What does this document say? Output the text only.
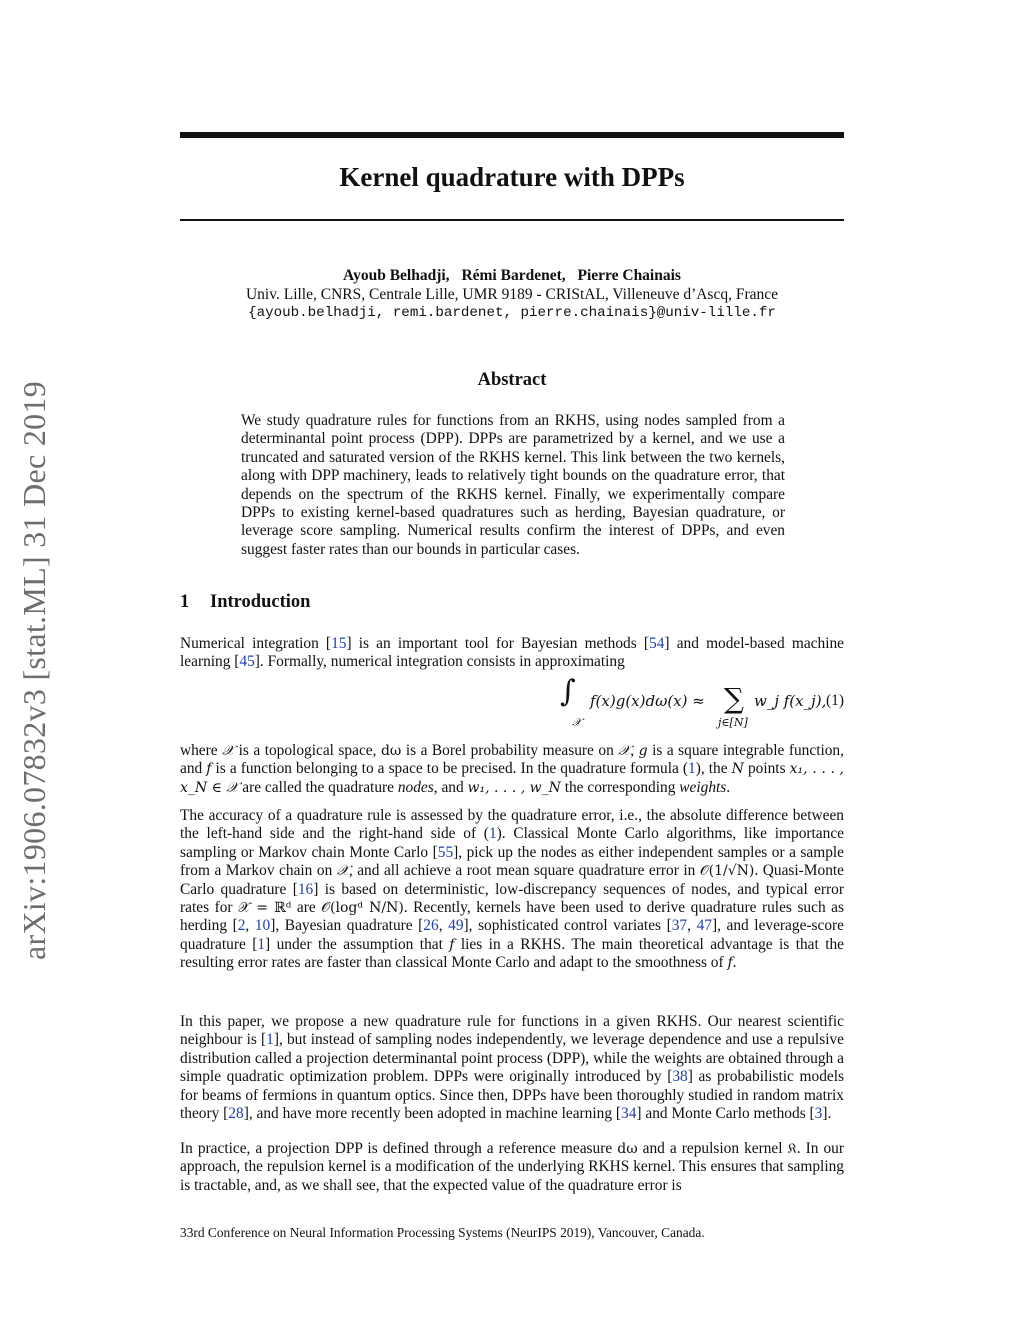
arXiv:1906.07832v3 [stat.ML] 31 Dec 2019
Kernel quadrature with DPPs
Ayoub Belhadji, Rémi Bardenet, Pierre Chainais
Univ. Lille, CNRS, Centrale Lille, UMR 9189 - CRIStAL, Villeneuve d’Ascq, France
{ayoub.belhadji, remi.bardenet, pierre.chainais}@univ-lille.fr
Abstract

We study quadrature rules for functions from an RKHS, using nodes sampled from a determinantal point process (DPP). DPPs are parametrized by a kernel, and we use a truncated and saturated version of the RKHS kernel. This link between the two kernels, along with DPP machinery, leads to relatively tight bounds on the quadrature error, that depends on the spectrum of the RKHS kernel. Finally, we experimentally compare DPPs to existing kernel-based quadratures such as herding, Bayesian quadrature, or leverage score sampling. Numerical results confirm the interest of DPPs, and even suggest faster rates than our bounds in particular cases.

1 Introduction

Numerical integration [15] is an important tool for Bayesian methods [54] and model-based machine learning [45]. Formally, numerical integration consists in approximating

∫
𝒳
f(x)g(x)dω(x) ≈ ∑
j∈[N]
w_j f(x_j), (1)

where 𝒳 is a topological space, dω is a Borel probability measure on 𝒳, g is a square integrable function, and f is a function belonging to a space to be precised. In the quadrature formula (1), the N points x₁, . . . , x_N ∈ 𝒳 are called the quadrature nodes, and w₁, . . . , w_N the corresponding weights.

The accuracy of a quadrature rule is assessed by the quadrature error, i.e., the absolute difference between the left-hand side and the right-hand side of (1). Classical Monte Carlo algorithms, like importance sampling or Markov chain Monte Carlo [55], pick up the nodes as either independent samples or a sample from a Markov chain on 𝒳, and all achieve a root mean square quadrature error in 𝒪(1/√N). Quasi-Monte Carlo quadrature [16] is based on deterministic, low-discrepancy sequences of nodes, and typical error rates for 𝒳 = ℝᵈ are 𝒪(logᵈ N/N). Recently, kernels have been used to derive quadrature rules such as herding [2, 10], Bayesian quadrature [26, 49], sophisticated control variates [37, 47], and leverage-score quadrature [1] under the assumption that f lies in a RKHS. The main theoretical advantage is that the resulting error rates are faster than classical Monte Carlo and adapt to the smoothness of f.

In this paper, we propose a new quadrature rule for functions in a given RKHS. Our nearest scientific neighbour is [1], but instead of sampling nodes independently, we leverage dependence and use a repulsive distribution called a projection determinantal point process (DPP), while the weights are obtained through a simple quadratic optimization problem. DPPs were originally introduced by [38] as probabilistic models for beams of fermions in quantum optics. Since then, DPPs have been thoroughly studied in random matrix theory [28], and have more recently been adopted in machine learning [34] and Monte Carlo methods [3].

In practice, a projection DPP is defined through a reference measure dω and a repulsion kernel 𝔎. In our approach, the repulsion kernel is a modification of the underlying RKHS kernel. This ensures that sampling is tractable, and, as we shall see, that the expected value of the quadrature error is

33rd Conference on Neural Information Processing Systems (NeurIPS 2019), Vancouver, Canada.
